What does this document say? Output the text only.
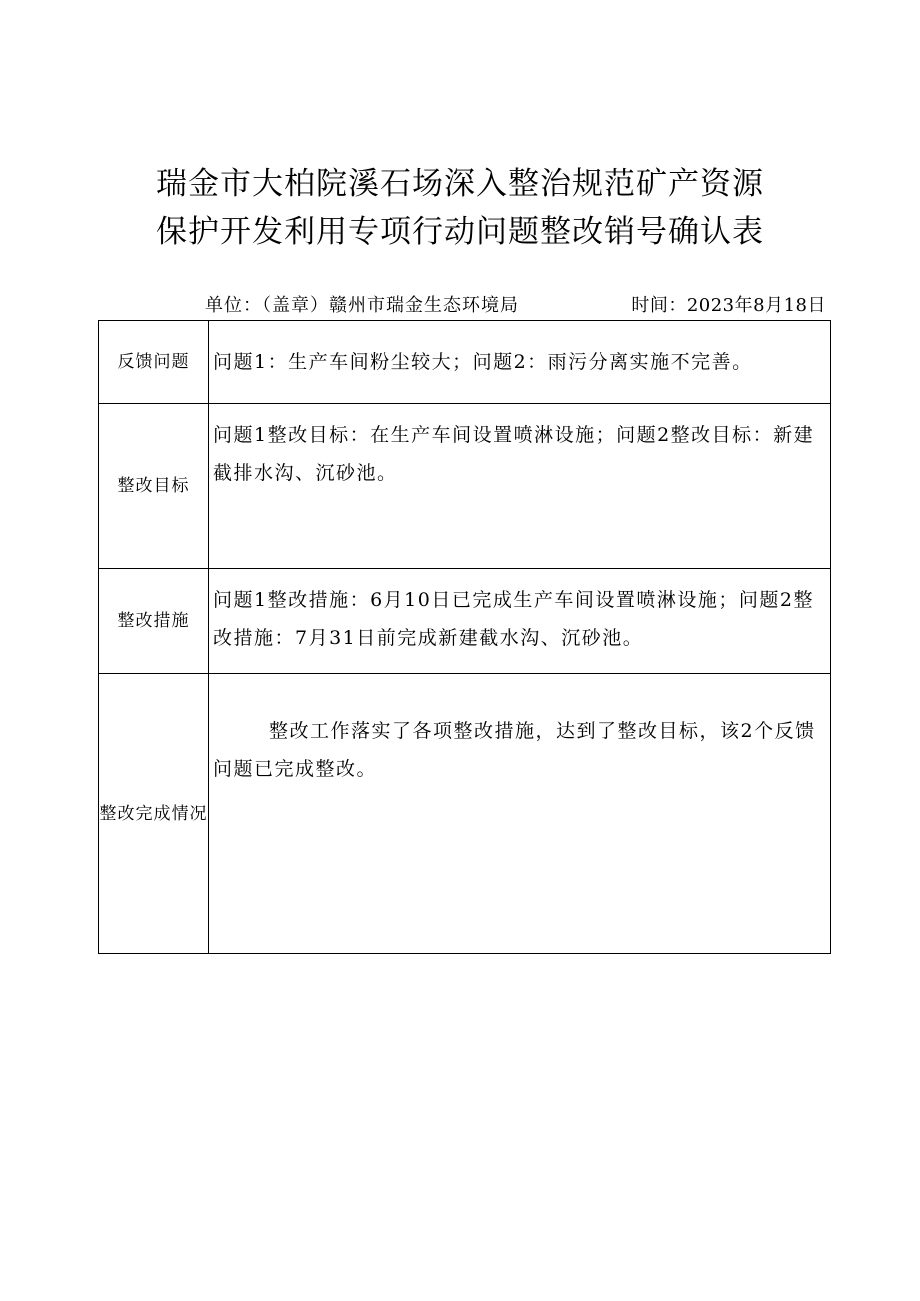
瑞金市大柏院溪石场深入整治规范矿产资源
保护开发利用专项行动问题整改销号确认表
单位：（盖章）赣州市瑞金生态环境局	时间：2023年8月18日
反馈问题	问题1：生产车间粉尘较大；问题2：雨污分离实施不完善。
整改目标	问题1整改目标：在生产车间设置喷淋设施；问题2整改目标：新建截排水沟、沉砂池。
整改措施	问题1整改措施：6月10日已完成生产车间设置喷淋设施；问题2整改措施：7月31日前完成新建截水沟、沉砂池。
整改完成情况	整改工作落实了各项整改措施，达到了整改目标，该2个反馈问题已完成整改。
